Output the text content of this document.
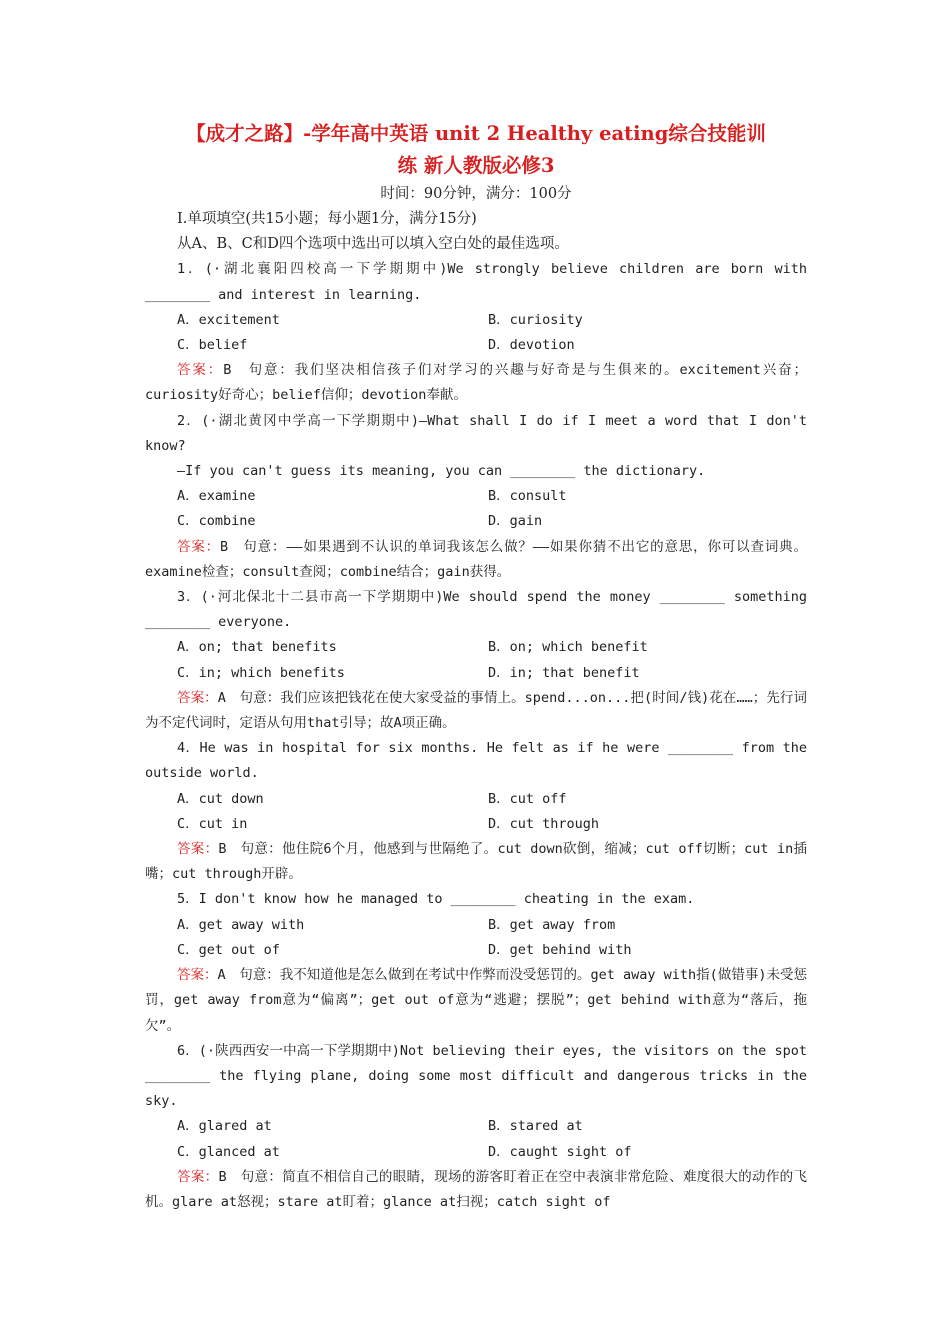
【成才之路】-学年高中英语 unit 2 Healthy eating综合技能训
练 新人教版必修3
时间：90分钟，满分：100分

Ⅰ.单项填空(共15小题；每小题1分，满分15分)

从A、B、C和D四个选项中选出可以填入空白处的最佳选项。

1．(·湖北襄阳四校高一下学期期中)We strongly believe children are born with ________ and interest in learning.

A．excitement	B．curiosity
C．belief	D．devotion

答案：B　句意：我们坚决相信孩子们对学习的兴趣与好奇是与生俱来的。excitement兴奋；curiosity好奇心；belief信仰；devotion奉献。

2．(·湖北黄冈中学高一下学期期中)—What shall I do if I meet a word that I don't know?

—If you can't guess its meaning, you can ________ the dictionary.

A．examine	B．consult
C．combine	D．gain

答案：B　句意：——如果遇到不认识的单词我该怎么做？——如果你猜不出它的意思，你可以查词典。examine检查；consult查阅；combine结合；gain获得。

3．(·河北保北十二县市高一下学期期中)We should spend the money ________ something ________ everyone.

A．on; that benefits	B．on; which benefit
C．in; which benefits	D．in; that benefit

答案：A　句意：我们应该把钱花在使大家受益的事情上。spend...on...把(时间/钱)花在……；先行词为不定代词时，定语从句用that引导；故A项正确。

4．He was in hospital for six months. He felt as if he were ________ from the outside world.

A．cut down	B．cut off
C．cut in	D．cut through

答案：B　句意：他住院6个月，他感到与世隔绝了。cut down砍倒，缩减；cut off切断；cut in插嘴；cut through开辟。

5．I don't know how he managed to ________ cheating in the exam.

A．get away with	B．get away from
C．get out of	D．get behind with

答案：A　句意：我不知道他是怎么做到在考试中作弊而没受惩罚的。get away with指(做错事)未受惩罚，get away from意为“偏离”；get out of意为“逃避；摆脱”；get behind with意为“落后，拖欠”。

6．(·陕西西安一中高一下学期期中)Not believing their eyes, the visitors on the spot ________ the flying plane, doing some most difficult and dangerous tricks in the sky.

A．glared at	B．stared at
C．glanced at	D．caught sight of

答案：B　句意：简直不相信自己的眼睛，现场的游客盯着正在空中表演非常危险、难度很大的动作的飞机。glare at怒视；stare at盯着；glance at扫视；catch sight of
